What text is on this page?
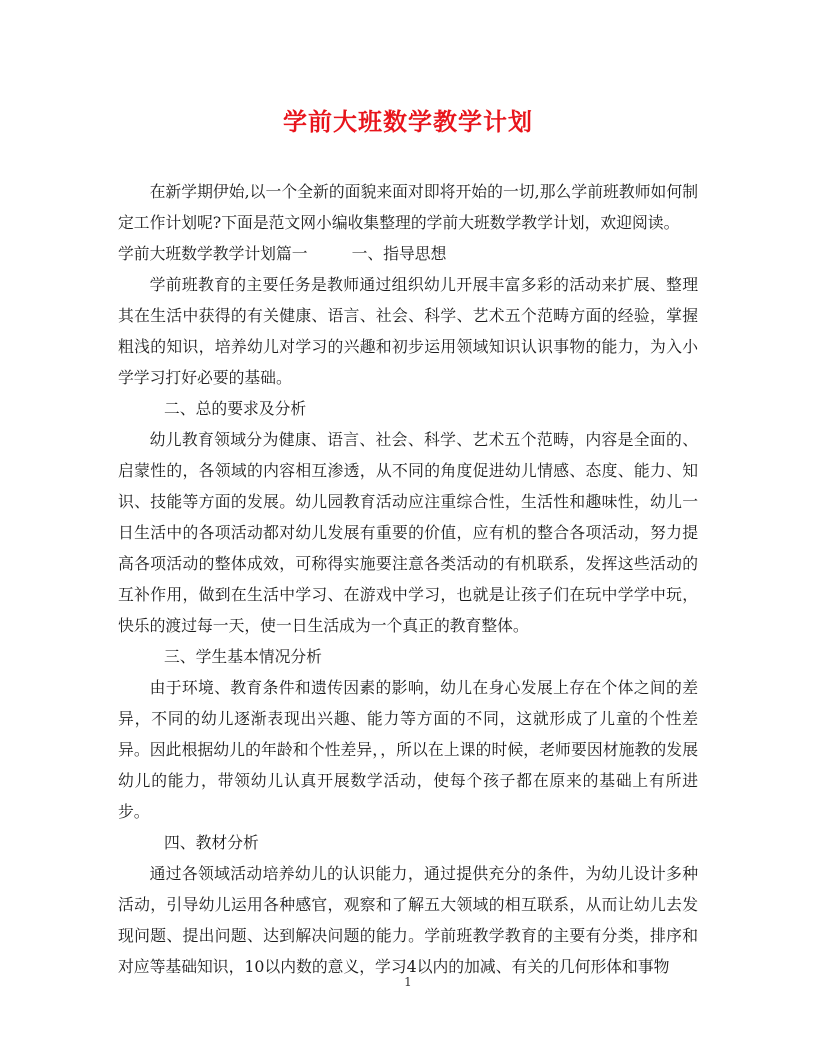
学前大班数学教学计划

在新学期伊始,以一个全新的面貌来面对即将开始的一切,那么学前班教师如何制定工作计划呢?下面是范文网小编收集整理的学前大班数学教学计划，欢迎阅读。

学前大班数学教学计划篇一	一、指导思想

学前班教育的主要任务是教师通过组织幼儿开展丰富多彩的活动来扩展、整理其在生活中获得的有关健康、语言、社会、科学、艺术五个范畴方面的经验，掌握粗浅的知识，培养幼儿对学习的兴趣和初步运用领域知识认识事物的能力，为入小学学习打好必要的基础。

二、总的要求及分析

幼儿教育领域分为健康、语言、社会、科学、艺术五个范畴，内容是全面的、启蒙性的，各领域的内容相互渗透，从不同的角度促进幼儿情感、态度、能力、知识、技能等方面的发展。幼儿园教育活动应注重综合性，生活性和趣味性，幼儿一日生活中的各项活动都对幼儿发展有重要的价值，应有机的整合各项活动，努力提高各项活动的整体成效，可称得实施要注意各类活动的有机联系，发挥这些活动的互补作用，做到在生活中学习、在游戏中学习，也就是让孩子们在玩中学学中玩，快乐的渡过每一天，使一日生活成为一个真正的教育整体。

三、学生基本情况分析

由于环境、教育条件和遗传因素的影响，幼儿在身心发展上存在个体之间的差异，不同的幼儿逐渐表现出兴趣、能力等方面的不同，这就形成了儿童的个性差异。因此根据幼儿的年龄和个性差异，，所以在上课的时候，老师要因材施教的发展幼儿的能力，带领幼儿认真开展数学活动，使每个孩子都在原来的基础上有所进步。

四、教材分析

通过各领域活动培养幼儿的认识能力，通过提供充分的条件，为幼儿设计多种活动，引导幼儿运用各种感官，观察和了解五大领域的相互联系，从而让幼儿去发现问题、提出问题、达到解决问题的能力。学前班教学教育的主要有分类，排序和对应等基础知识，10以内数的意义，学习4以内的加减、有关的几何形体和事物

1
